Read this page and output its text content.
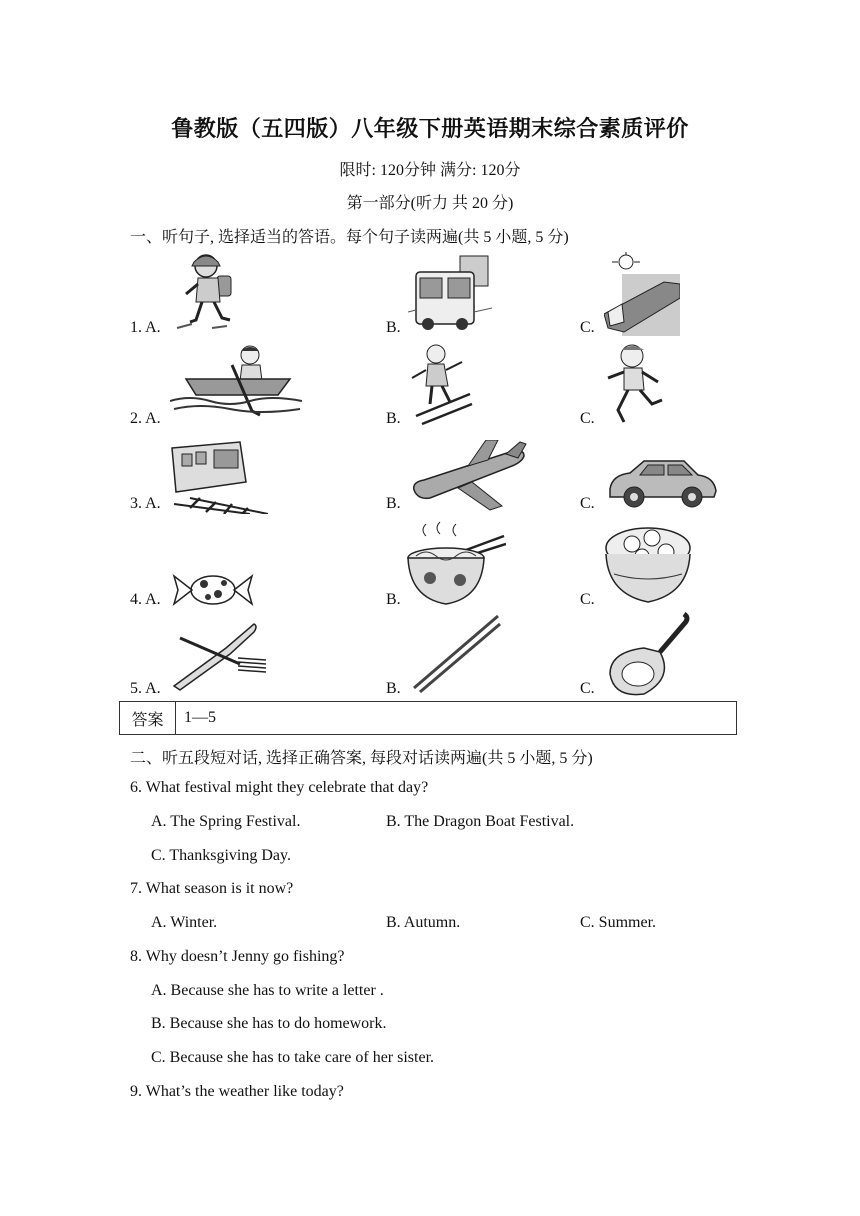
鲁教版（五四版）八年级下册英语期末综合素质评价
限时: 120分钟 满分: 120分
第一部分(听力 共 20 分)
一、听句子, 选择适当的答语。每个句子读两遍(共 5 小题, 5 分)
1. A.	B.	C.
2. A.	B.	C.
3. A.	B.	C.
4. A.	B.	C.
5. A.	B.	C.
答案	1—5
二、听五段短对话, 选择正确答案, 每段对话读两遍(共 5 小题, 5 分)
6. What festival might they celebrate that day?
A. The Spring Festival.	B. The Dragon Boat Festival.
C. Thanksgiving Day.
7. What season is it now?
A. Winter.	B. Autumn.	C. Summer.
8. Why doesn’t Jenny go fishing?
A. Because she has to write a letter .
B. Because she has to do homework.
C. Because she has to take care of her sister.
9. What’s the weather like today?
